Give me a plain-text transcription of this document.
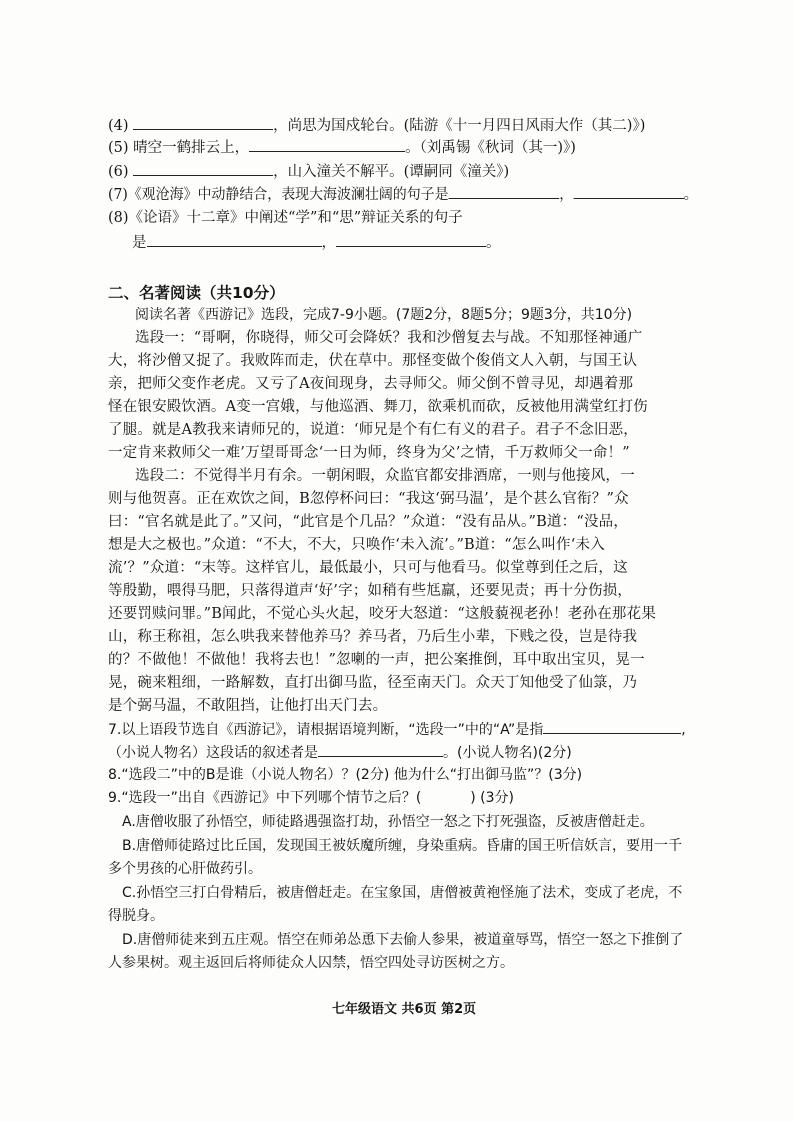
(4)	，尚思为国戍轮台。(陆游《十一月四日风雨大作（其二)》)
(5) 晴空一鹤排云上，	。（刘禹锡《秋词（其一)》)
(6)	，山入潼关不解平。(谭嗣同《潼关》)
(7)《观沧海》中动静结合，表现大海波澜壮阔的句子是	，	。
(8)《论语》十二章》中阐述“学”和“思”辩证关系的句子
是	，	。
二、名著阅读（共10分）
阅读名著《西游记》选段，完成7-9小题。(7题2分，8题5分；9题3分，共10分)
选段一：“哥啊，你晓得，师父可会降妖？我和沙僧复去与战。不知那怪神通广
大，将沙僧又捉了。我败阵而走，伏在草中。那怪变做个俊俏文人入朝，与国王认
亲，把师父变作老虎。又亏了A夜间现身，去寻师父。师父倒不曾寻见，却遇着那
怪在银安殿饮酒。A变一宫娥，与他巡酒、舞刀，欲乘机而砍，反被他用满堂红打伤
了腿。就是A教我来请师兄的，说道：‘师兄是个有仁有义的君子。君子不念旧恶，
一定肯来救师父一难’万望哥哥念‘一日为师，终身为父’之情，千万救师父一命！”
选段二：不觉得半月有余。一朝闲暇，众监官都安排酒席，一则与他接风，一
则与他贺喜。正在欢饮之间，B忽停杯问曰：“我这‘弼马温’，是个甚么官衔？”众
曰：“官名就是此了。”又问，“此官是个几品？”众道：“没有品从。”B道：“没品，
想是大之极也。”众道：“不大，不大，只唤作‘未入流’。”B道：“怎么叫作‘未入
流’？”众道：“末等。这样官儿，最低最小，只可与他看马。似堂尊到任之后，这
等殷勤，喂得马肥，只落得道声‘好’字；如稍有些尪羸，还要见责；再十分伤损，
还要罚赎问罪。”B闻此，不觉心头火起，咬牙大怒道：“这般藐视老孙！老孙在那花果
山，称王称祖，怎么哄我来替他养马？养马者，乃后生小辈，下贱之役，岂是待我
的？不做他！不做他！我将去也！”忽喇的一声，把公案推倒，耳中取出宝贝，晃一
晃，碗来粗细，一路解数，直打出御马监，径至南天门。众天丁知他受了仙箓，乃
是个弼马温，不敢阻挡，让他打出天门去。
7.以上语段节选自《西游记》，请根据语境判断，“选段一”中的“A”是指	,
（小说人物名）这段话的叙述者是	。(小说人物名)(2分)
8.“选段二”中的B是谁（小说人物名）？(2分) 他为什么“打出御马监”？(3分)
9.“选段一”出自《西游记》中下列哪个情节之后？(	) (3分)
A.唐僧收服了孙悟空，师徒路遇强盗打劫，孙悟空一怒之下打死强盗，反被唐僧赶走。
B.唐僧师徒路过比丘国，发现国王被妖魔所缠，身染重病。昏庸的国王听信妖言，要用一千
多个男孩的心肝做药引。
C.孙悟空三打白骨精后，被唐僧赶走。在宝象国，唐僧被黄袍怪施了法术，变成了老虎，不
得脱身。
D.唐僧师徒来到五庄观。悟空在师弟怂恿下去偷人参果，被道童辱骂，悟空一怒之下推倒了
人参果树。观主返回后将师徒众人囚禁，悟空四处寻访医树之方。
七年级语文 共6页 第2页
